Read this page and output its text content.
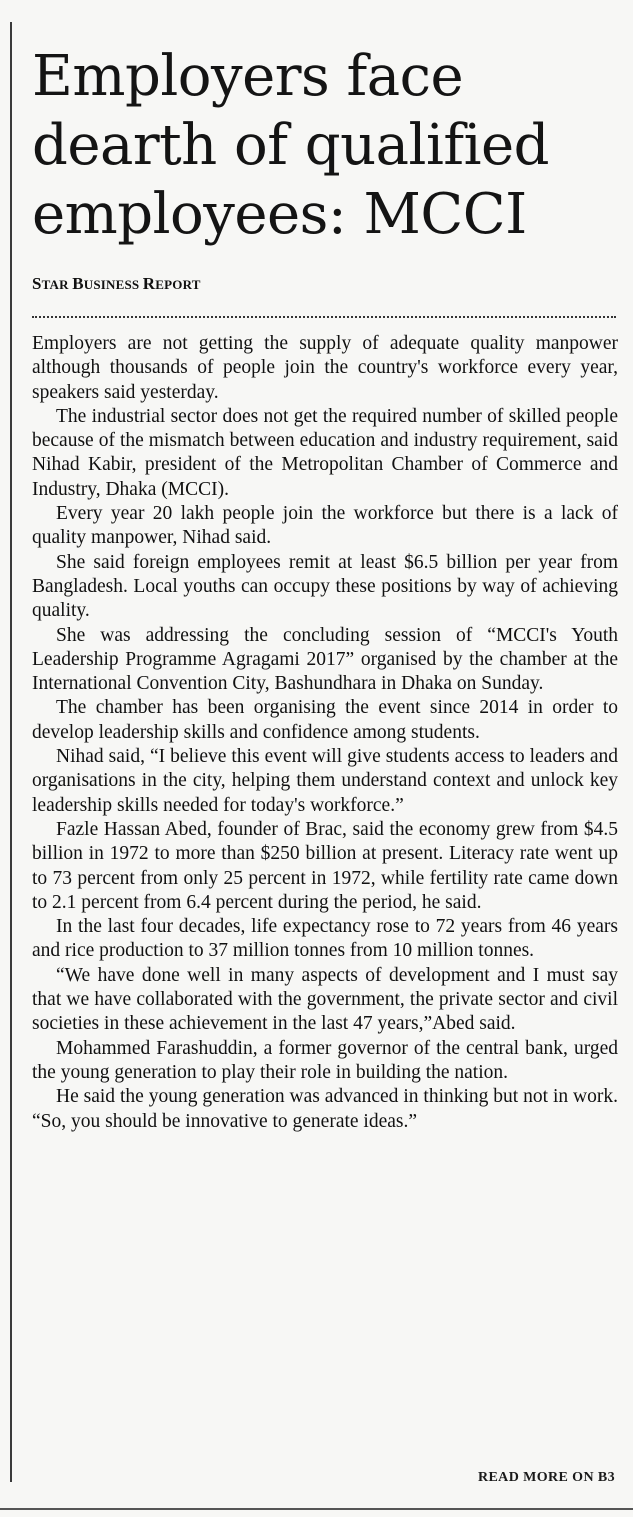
Employers face
dearth of qualified
employees: MCCI
STAR BUSINESS REPORT

Employers are not getting the supply of adequate quality manpower although thousands of people join the country's workforce every year, speakers said yesterday.

The industrial sector does not get the required number of skilled people because of the mismatch between education and industry requirement, said Nihad Kabir, president of the Metropolitan Chamber of Commerce and Industry, Dhaka (MCCI).

Every year 20 lakh people join the workforce but there is a lack of quality manpower, Nihad said.

She said foreign employees remit at least $6.5 billion per year from Bangladesh. Local youths can occupy these positions by way of achieving quality.

She was addressing the concluding session of “MCCI's Youth Leadership Programme Agragami 2017” organised by the chamber at the International Convention City, Bashundhara in Dhaka on Sunday.

The chamber has been organising the event since 2014 in order to develop leadership skills and confidence among students.

Nihad said, “I believe this event will give students access to leaders and organisations in the city, helping them understand context and unlock key leadership skills needed for today's workforce.”

Fazle Hassan Abed, founder of Brac, said the economy grew from $4.5 billion in 1972 to more than $250 billion at present. Literacy rate went up to 73 percent from only 25 percent in 1972, while fertility rate came down to 2.1 percent from 6.4 percent during the period, he said.

In the last four decades, life expectancy rose to 72 years from 46 years and rice production to 37 million tonnes from 10 million tonnes.

“We have done well in many aspects of development and I must say that we have collaborated with the government, the private sector and civil societies in these achievement in the last 47 years,”Abed said.

Mohammed Farashuddin, a former governor of the central bank, urged the young generation to play their role in building the nation.

He said the young generation was advanced in thinking but not in work. “So, you should be innovative to generate ideas.”

READ MORE ON B3
